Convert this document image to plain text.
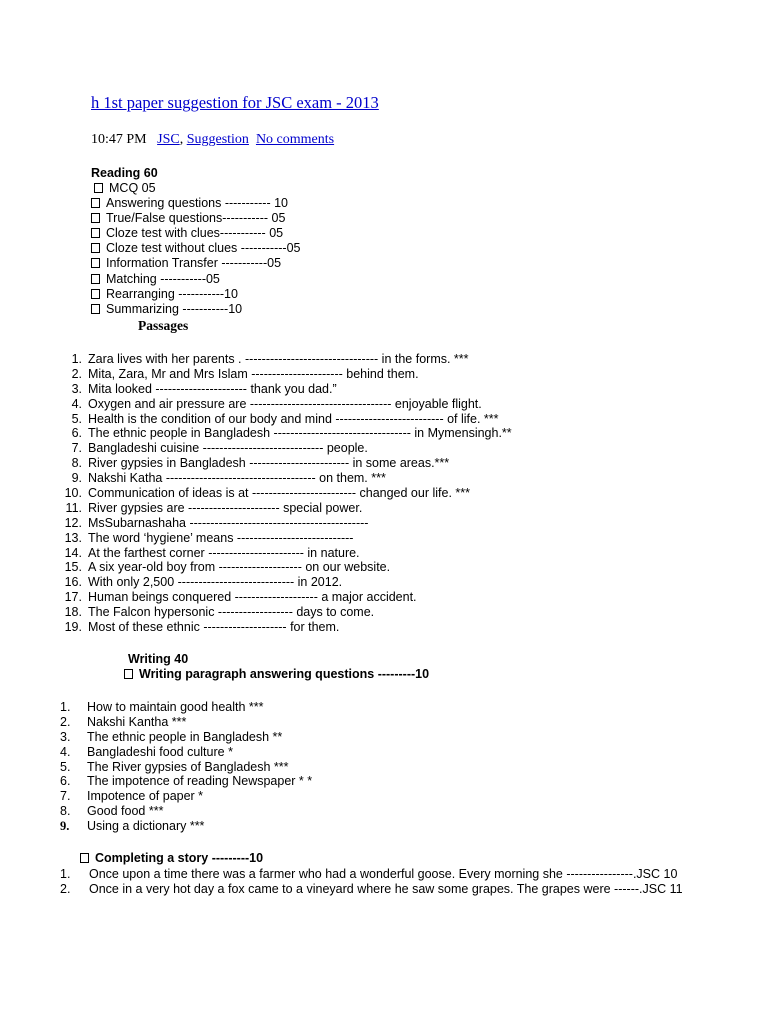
h 1st paper suggestion for JSC exam - 2013
10:47 PM JSC, Suggestion No comments
Reading 60
MCQ 05
Answering questions ----------- 10
True/False questions----------- 05
Cloze test with clues----------- 05
Cloze test without clues -----------05
Information Transfer -----------05
Matching -----------05
Rearranging -----------10
Summarizing -----------10
Passages
1. Zara lives with her parents . -------------------------------- in the forms. ***
2. Mita, Zara, Mr and Mrs Islam ---------------------- behind them.
3. Mita looked ---------------------- thank you dad.”
4. Oxygen and air pressure are ---------------------------------- enjoyable flight.
5. Health is the condition of our body and mind -------------------------- of life. ***
6. The ethnic people in Bangladesh --------------------------------- in Mymensingh.**
7. Bangladeshi cuisine ----------------------------- people.
8. River gypsies in Bangladesh ------------------------ in some areas.***
9. Nakshi Katha ------------------------------------ on them. ***
10. Communication of ideas is at ------------------------- changed our life. ***
11. River gypsies are ---------------------- special power.
12. MsSubarnashaha -------------------------------------------
13. The word ‘hygiene’ means ----------------------------
14. At the farthest corner ----------------------- in nature.
15. A six year-old boy from -------------------- on our website.
16. With only 2,500 ---------------------------- in 2012.
17. Human beings conquered -------------------- a major accident.
18. The Falcon hypersonic ------------------ days to come.
19. Most of these ethnic -------------------- for them.
Writing 40
Writing paragraph answering questions ---------10
1.	How to maintain good health ***
2.	Nakshi Kantha ***
3.	The ethnic people in Bangladesh **
4.	Bangladeshi food culture *
5.	The River gypsies of Bangladesh ***
6.	The impotence of reading Newspaper * *
7.	Impotence of paper *
8.	Good food ***
9.	Using a dictionary ***
Completing a story ---------10
1.	Once upon a time there was a farmer who had a wonderful goose. Every morning she ----------------.JSC 10
2.	Once in a very hot day a fox came to a vineyard where he saw some grapes. The grapes were ------.JSC 11
